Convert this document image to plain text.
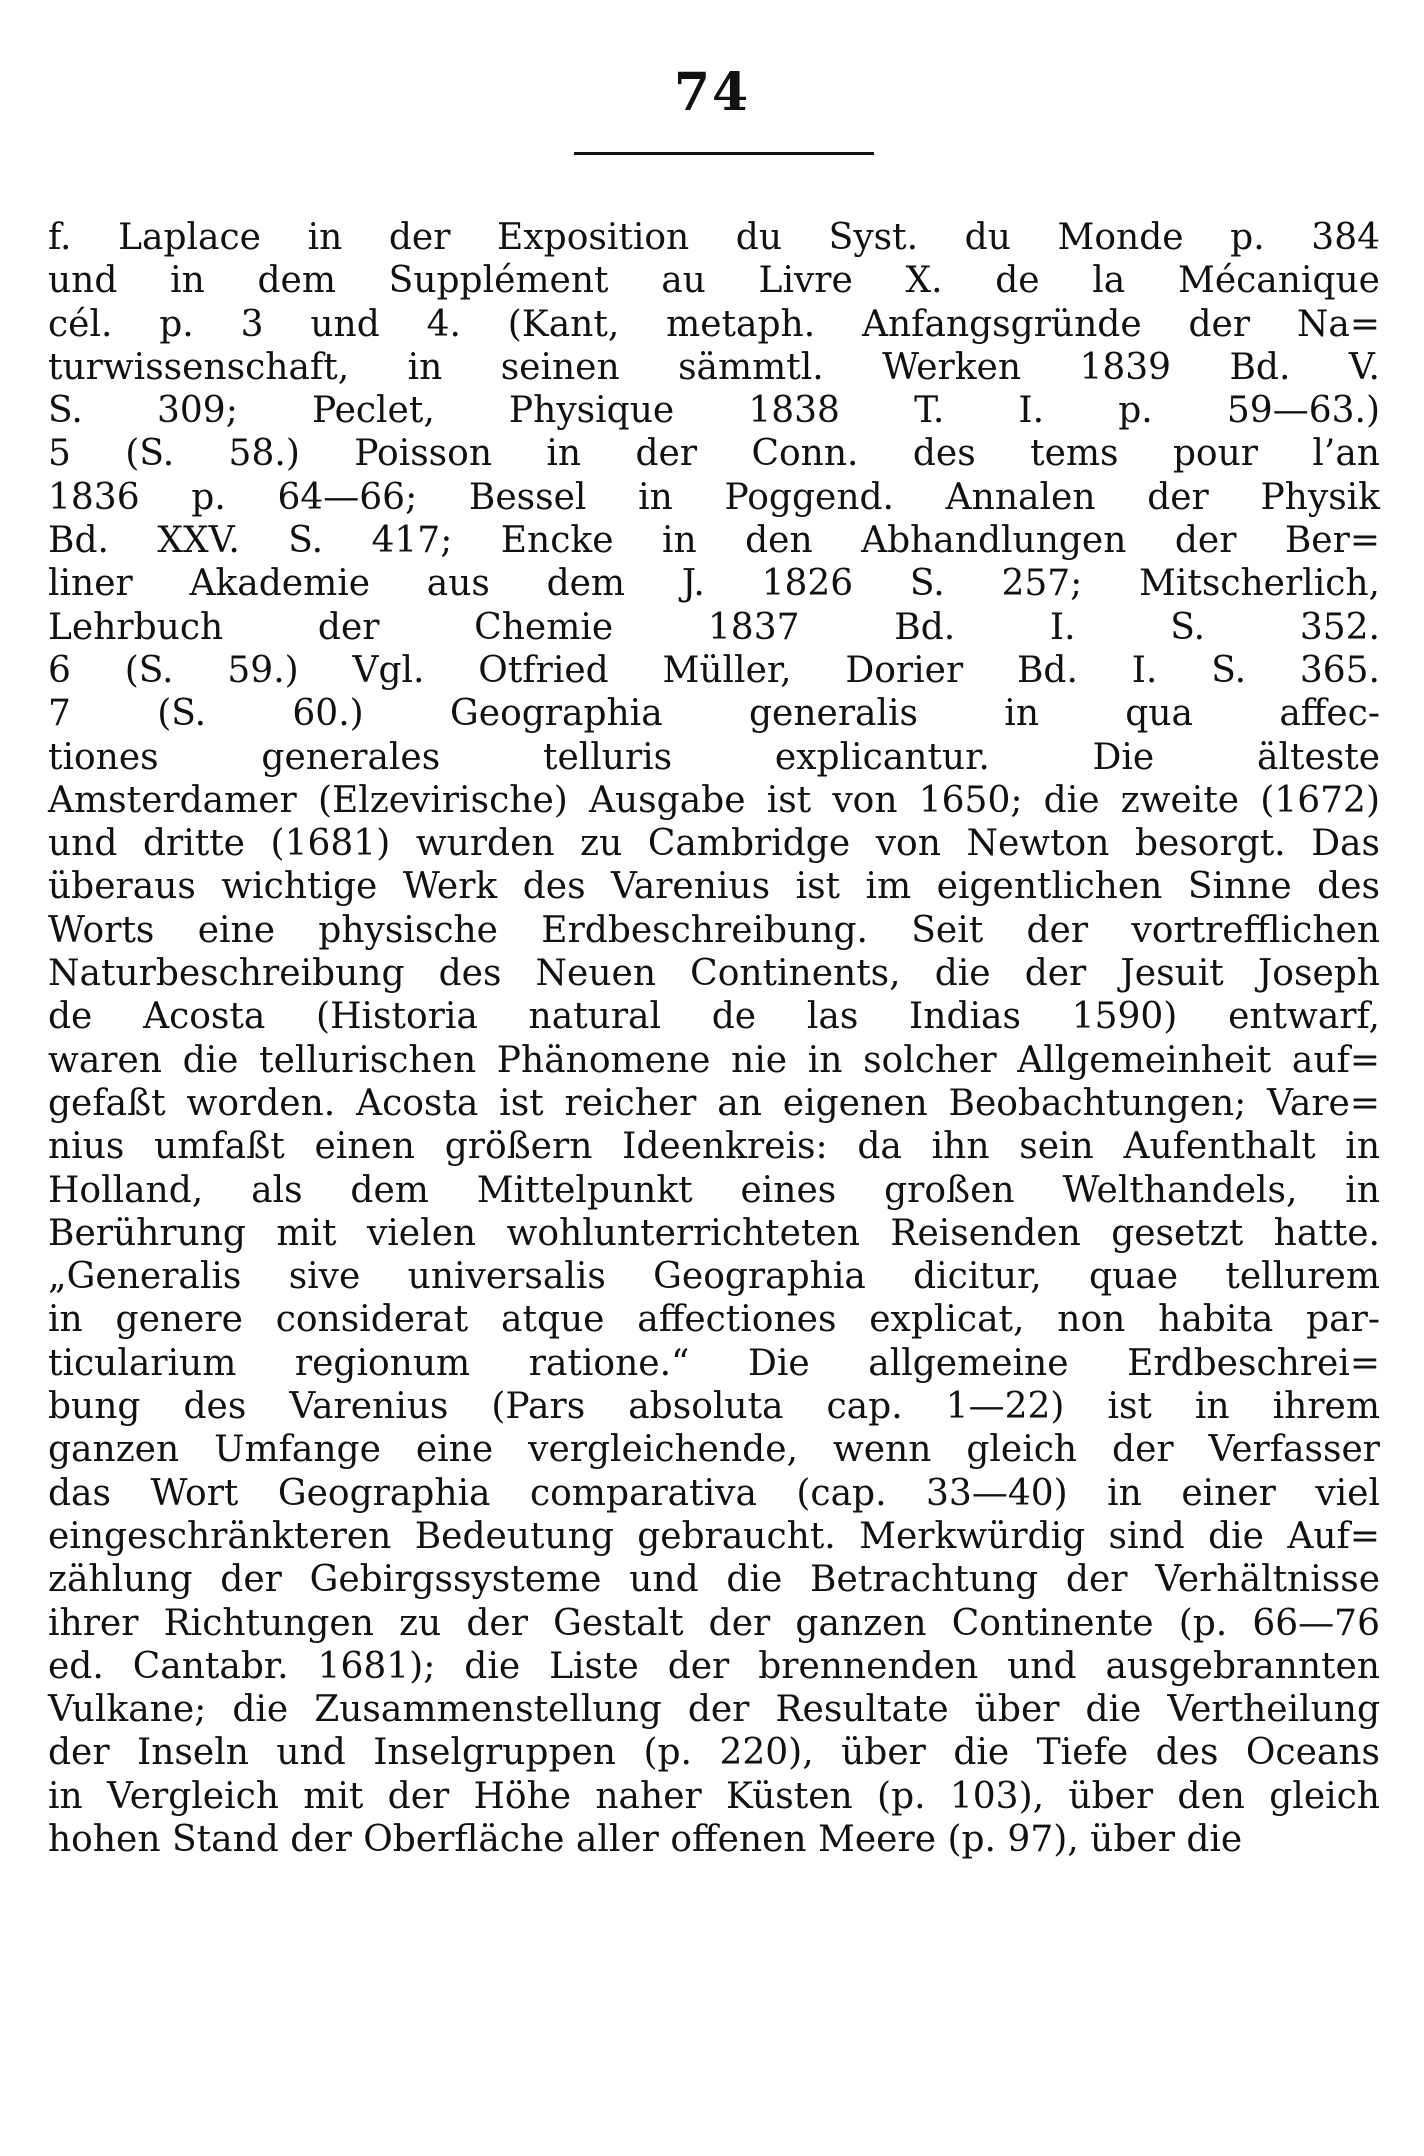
74
f. Laplace in der Exposition du Syst. du Monde p. 384
und in dem Supplément au Livre X. de la Mécanique
cél. p. 3 und 4. (Kant, metaph. Anfangsgründe der Na=
turwissenschaft, in seinen sämmtl. Werken 1839 Bd. V.
S. 309; Peclet, Physique 1838 T. I. p. 59—63.)
5 (S. 58.) Poisson in der Conn. des tems pour l’an
1836 p. 64—66; Bessel in Poggend. Annalen der Physik
Bd. XXV. S. 417; Encke in den Abhandlungen der Ber=
liner Akademie aus dem J. 1826 S. 257; Mitscherlich,
Lehrbuch der Chemie 1837 Bd. I. S. 352.
6 (S. 59.) Vgl. Otfried Müller, Dorier Bd. I. S. 365.
7 (S. 60.) Geographia generalis in qua affec-
tiones generales telluris explicantur. Die älteste
Amsterdamer (Elzevirische) Ausgabe ist von 1650; die zweite (1672)
und dritte (1681) wurden zu Cambridge von Newton besorgt. Das
überaus wichtige Werk des Varenius ist im eigentlichen Sinne des
Worts eine physische Erdbeschreibung. Seit der vortrefflichen
Naturbeschreibung des Neuen Continents, die der Jesuit Joseph
de Acosta (Historia natural de las Indias 1590) entwarf,
waren die tellurischen Phänomene nie in solcher Allgemeinheit auf=
gefaßt worden. Acosta ist reicher an eigenen Beobachtungen; Vare=
nius umfaßt einen größern Ideenkreis: da ihn sein Aufenthalt in
Holland, als dem Mittelpunkt eines großen Welthandels, in
Berührung mit vielen wohlunterrichteten Reisenden gesetzt hatte.
„Generalis sive universalis Geographia dicitur, quae tellurem
in genere considerat atque affectiones explicat, non habita par-
ticularium regionum ratione.“ Die allgemeine Erdbeschrei=
bung des Varenius (Pars absoluta cap. 1—22) ist in ihrem
ganzen Umfange eine vergleichende, wenn gleich der Verfasser
das Wort Geographia comparativa (cap. 33—40) in einer viel
eingeschränkteren Bedeutung gebraucht. Merkwürdig sind die Auf=
zählung der Gebirgssysteme und die Betrachtung der Verhältnisse
ihrer Richtungen zu der Gestalt der ganzen Continente (p. 66—76
ed. Cantabr. 1681); die Liste der brennenden und ausgebrannten
Vulkane; die Zusammenstellung der Resultate über die Vertheilung
der Inseln und Inselgruppen (p. 220), über die Tiefe des Oceans
in Vergleich mit der Höhe naher Küsten (p. 103), über den gleich
hohen Stand der Oberfläche aller offenen Meere (p. 97), über die
